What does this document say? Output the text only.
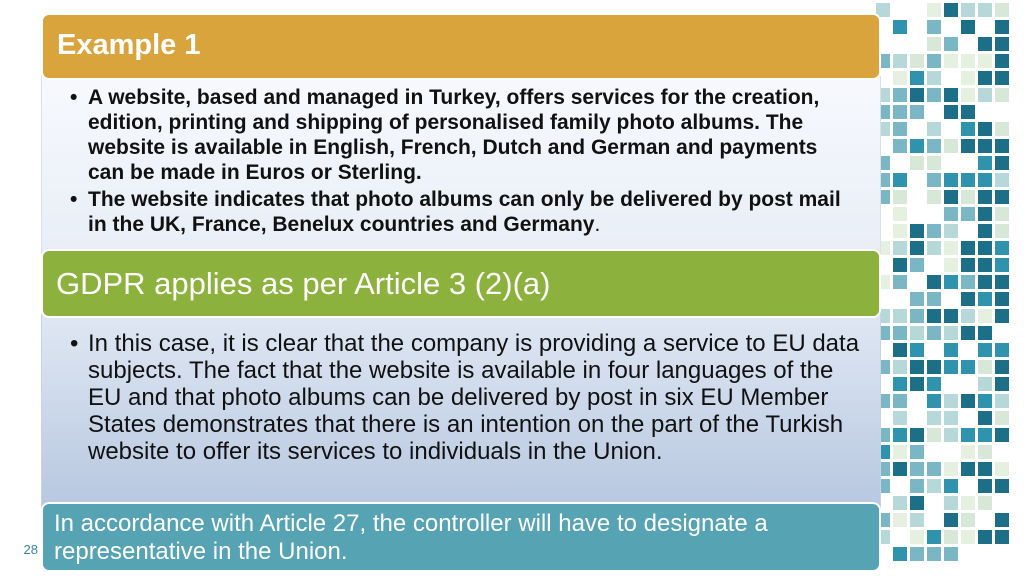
28
Example 1
• A website, based and managed in Turkey, offers services for the creation, edition, printing and shipping of personalised family photo albums. The website is available in English, French, Dutch and German and payments can be made in Euros or Sterling.
• The website indicates that photo albums can only be delivered by post mail in the UK, France, Benelux countries and Germany.
GDPR applies as per Article 3 (2)(a)
• In this case, it is clear that the company is providing a service to EU data subjects. The fact that the website is available in four languages of the EU and that photo albums can be delivered by post in six EU Member States demonstrates that there is an intention on the part of the Turkish website to offer its services to individuals in the Union.
In accordance with Article 27, the controller will have to designate a representative in the Union.
